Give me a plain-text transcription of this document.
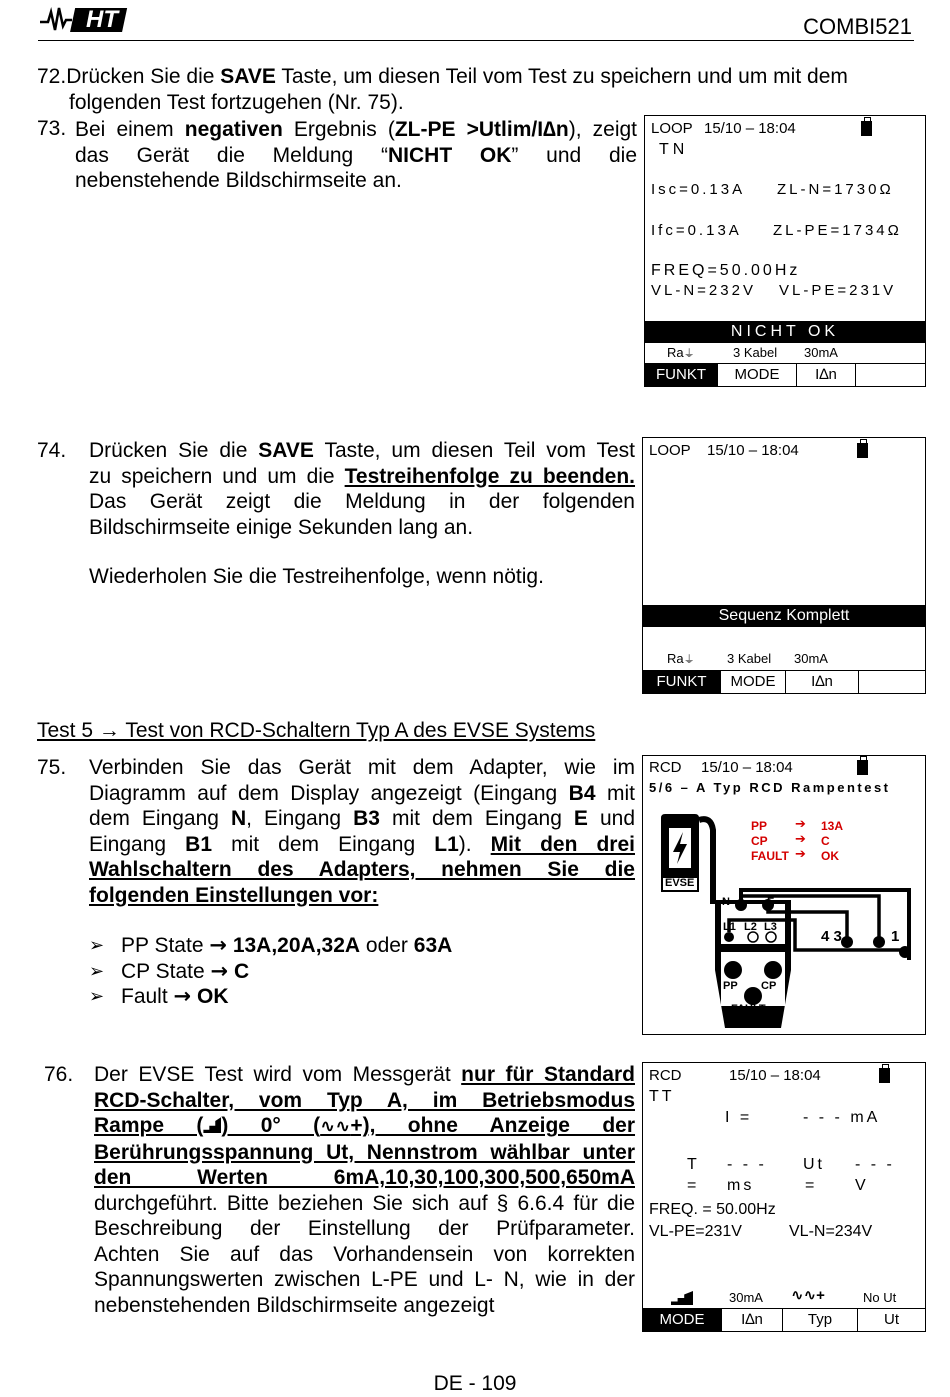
HT	COMBI521
72.Drücken Sie die SAVE Taste, um diesen Teil vom Test zu speichern und um mit dem
folgenden Test fortzugehen (Nr. 75).
73. Bei einem negativen Ergebnis (ZL-PE >Utlim/I∆n), zeigt
das Gerät die Meldung “NICHT OK” und die
nebenstehende Bildschirmseite an.
LOOP 15/10 – 18:04
TN
Isc=0.13A ZL-N=1730Ω
Ifc=0.13A ZL-PE=1734Ω
FREQ=50.00Hz
VL-N=232V VL-PE=231V
NICHT OK
Ra⏚	3 Kabel 30mA
FUNKT	MODE	I∆n
74. Drücken Sie die SAVE Taste, um diesen Teil vom Test
zu speichern und um die Testreihenfolge zu beenden.
Das Gerät zeigt die Meldung in der folgenden
Bildschirmseite einige Sekunden lang an.
Wiederholen Sie die Testreihenfolge, wenn nötig.
LOOP 15/10 – 18:04
Sequenz Komplett
Ra⏚ 3 Kabel 30mA
FUNKT	MODE	I∆n
Test 5 → Test von RCD-Schaltern Typ A des EVSE Systems
75. Verbinden Sie das Gerät mit dem Adapter, wie im
Diagramm auf dem Display angezeigt (Eingang B4 mit
dem Eingang N, Eingang B3 mit dem Eingang E und
Eingang B1 mit dem Eingang L1). Mit den drei
Wahlschaltern des Adapters, nehmen Sie die
folgenden Einstellungen vor:
➢ PP State → 13A,20A,32A oder 63A
➢ CP State → C
➢ Fault → OK
RCD 15/10 – 18:04
5/6 – A Typ RCD Rampentest
EVSE
PP ➔ 13A
CP ➔ C
FAULT ➔ OK
N	E
L1 L2 L3
4 3	1
PP CP
FAULT
76. Der EVSE Test wird vom Messgerät nur für Standard
RCD-Schalter, vom Typ A, im Betriebsmodus
Rampe ( ) 0° (∿∿+), ohne Anzeige der
Berührungsspannung Ut, Nennstrom wählbar unter
den Werten 6mA,10,30,100,300,500,650mA
durchgeführt. Bitte beziehen Sie sich auf § 6.6.4 für die
Beschreibung der Einstellung der Prüfparameter.
Achten Sie auf das Vorhandensein von korrekten
Spannungswerten zwischen L-PE und L- N, wie in der
nebenstehenden Bildschirmseite angezeigt
RCD	15/10 – 18:04
TT
I =	- - - mA
T - - - Ut - - -
= ms	=	V
FREQ. = 50.00Hz
VL-PE=231V	VL-N=234V
30mA ∿∿+	No Ut
MODE	I∆n	Typ	Ut
DE - 109
